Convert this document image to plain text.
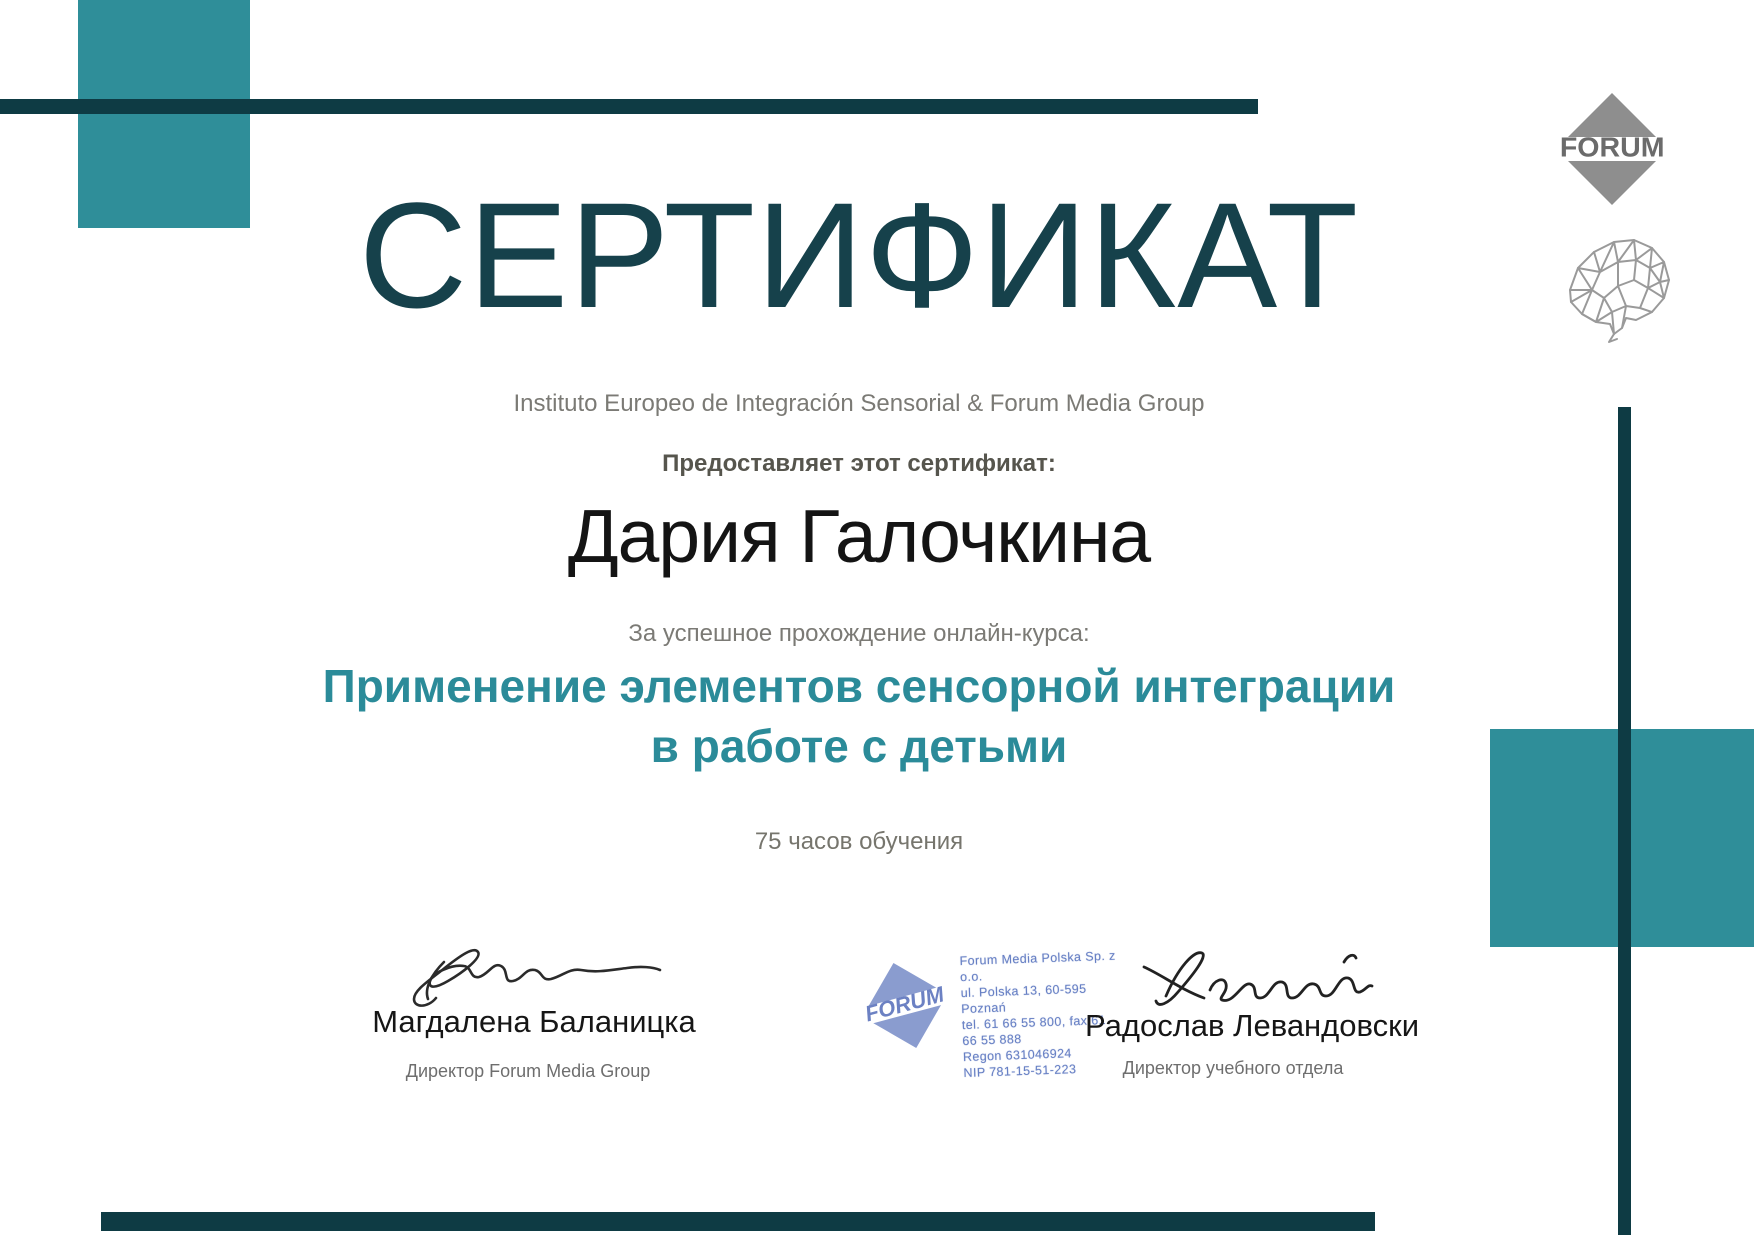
FORUM
СЕРТИФИКАТ
Instituto Europeo de Integración Sensorial & Forum Media Group
Предоставляет этот сертификат:
Дария Галочкина
За успешное прохождение онлайн-курса:
Применение элементов сенсорной интеграции
в работе с детьми
75 часов обучения
Магдалена Баланицка
Директор Forum Media Group
FORUM
Forum Media Polska Sp. z o.o.
ul. Polska 13, 60-595 Poznań
tel. 61 66 55 800, fax 61 66 55 888
Regon 631046924
NIP 781-15-51-223
Радослав Левандовски
Директор учебного отдела
